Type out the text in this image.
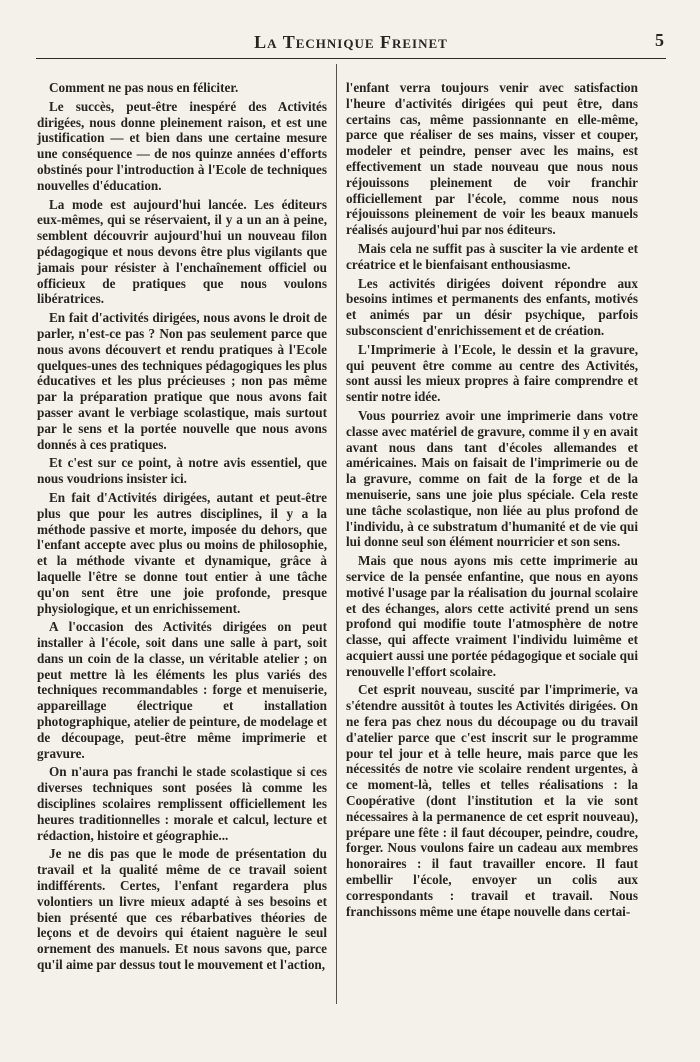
La Technique Freinet	5

Comment ne pas nous en féliciter.

Le succès, peut-être inespéré des Activités dirigées, nous donne pleinement raison, et est une justification — et bien dans une certaine mesure une conséquence — de nos quinze années d'efforts obstinés pour l'introduction à l'Ecole de techniques nouvelles d'éducation.

La mode est aujourd'hui lancée. Les éditeurs eux-mêmes, qui se réservaient, il y a un an à peine, semblent découvrir aujourd'hui un nouveau filon pédagogique et nous devons être plus vigilants que jamais pour résister à l'enchaînement officiel ou officieux de pratiques que nous voulons libératrices.

En fait d'activités dirigées, nous avons le droit de parler, n'est-ce pas ? Non pas seulement parce que nous avons découvert et rendu pratiques à l'Ecole quelques-unes des techniques pédagogiques les plus éducatives et les plus précieuses ; non pas même par la préparation pratique que nous avons fait passer avant le verbiage scolastique, mais surtout par le sens et la portée nouvelle que nous avons donnés à ces pratiques.

Et c'est sur ce point, à notre avis essentiel, que nous voudrions insister ici.

En fait d'Activités dirigées, autant et peut-être plus que pour les autres disciplines, il y a la méthode passive et morte, imposée du dehors, que l'enfant accepte avec plus ou moins de philosophie, et la méthode vivante et dynamique, grâce à laquelle l'être se donne tout entier à une tâche qu'on sent être une joie profonde, presque physiologique, et un enrichissement.

A l'occasion des Activités dirigées on peut installer à l'école, soit dans une salle à part, soit dans un coin de la classe, un véritable atelier ; on peut mettre là les éléments les plus variés des techniques recommandables : forge et menuiserie, appareillage électrique et installation photographique, atelier de peinture, de modelage et de découpage, peut-être même imprimerie et gravure.

On n'aura pas franchi le stade scolastique si ces diverses techniques sont posées là comme les disciplines scolaires remplissent officiellement les heures traditionnelles : morale et calcul, lecture et rédaction, histoire et géographie...

Je ne dis pas que le mode de présentation du travail et la qualité même de ce travail soient indifférents. Certes, l'enfant regardera plus volontiers un livre mieux adapté à ses besoins et bien présenté que ces rébarbatives théories de leçons et de devoirs qui étaient naguère le seul ornement des manuels. Et nous savons que, parce qu'il aime par dessus tout le mouvement et l'action,

l'enfant verra toujours venir avec satisfaction l'heure d'activités dirigées qui peut être, dans certains cas, même passionnante en elle-même, parce que réaliser de ses mains, visser et couper, modeler et peindre, penser avec les mains, est effectivement un stade nouveau que nous nous réjouissons pleinement de voir franchir officiellement par l'école, comme nous nous réjouissons pleinement de voir les beaux manuels réalisés aujourd'hui par nos éditeurs.

Mais cela ne suffit pas à susciter la vie ardente et créatrice et le bienfaisant enthousiasme.

Les activités dirigées doivent répondre aux besoins intimes et permanents des enfants, motivés et animés par un désir psychique, parfois subsconscient d'enrichissement et de création.

L'Imprimerie à l'Ecole, le dessin et la gravure, qui peuvent être comme au centre des Activités, sont aussi les mieux propres à faire comprendre et sentir notre idée.

Vous pourriez avoir une imprimerie dans votre classe avec matériel de gravure, comme il y en avait avant nous dans tant d'écoles allemandes et américaines. Mais on faisait de l'imprimerie ou de la gravure, comme on fait de la forge et de la menuiserie, sans une joie plus spéciale. Cela reste une tâche scolastique, non liée au plus profond de l'individu, à ce substratum d'humanité et de vie qui lui donne seul son élément nourricier et son sens.

Mais que nous ayons mis cette imprimerie au service de la pensée enfantine, que nous en ayons motivé l'usage par la réalisation du journal scolaire et des échanges, alors cette activité prend un sens profond qui modifie toute l'atmosphère de notre classe, qui affecte vraiment l'individu luimême et acquiert aussi une portée pédagogique et sociale qui renouvelle l'effort scolaire.

Cet esprit nouveau, suscité par l'imprimerie, va s'étendre aussitôt à toutes les Activités dirigées. On ne fera pas chez nous du découpage ou du travail d'atelier parce que c'est inscrit sur le programme pour tel jour et à telle heure, mais parce que les nécessités de notre vie scolaire rendent urgentes, à ce moment-là, telles et telles réalisations : la Coopérative (dont l'institution et la vie sont nécessaires à la permanence de cet esprit nouveau), prépare une fête : il faut découper, peindre, coudre, forger. Nous voulons faire un cadeau aux membres honoraires : il faut travailler encore. Il faut embellir l'école, envoyer un colis aux correspondants : travail et travail. Nous franchissons même une étape nouvelle dans certai-
